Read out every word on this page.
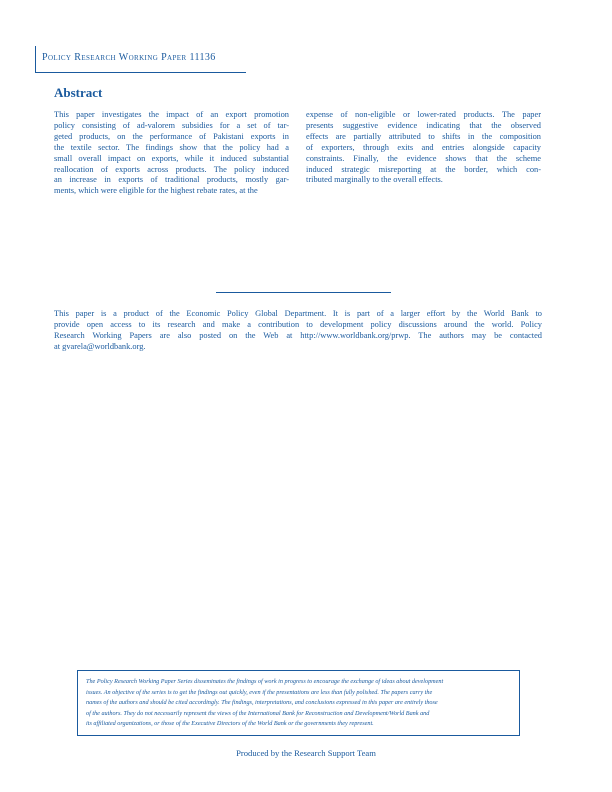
Policy Research Working Paper 11136
Abstract
This paper investigates the impact of an export promotion
policy consisting of ad-valorem subsidies for a set of tar-
geted products, on the performance of Pakistani exports in
the textile sector. The findings show that the policy had a
small overall impact on exports, while it induced substantial
reallocation of exports across products. The policy induced
an increase in exports of traditional products, mostly gar-
ments, which were eligible for the highest rebate rates, at the
expense of non-eligible or lower-rated products. The paper
presents suggestive evidence indicating that the observed
effects are partially attributed to shifts in the composition
of exporters, through exits and entries alongside capacity
constraints. Finally, the evidence shows that the scheme
induced strategic misreporting at the border, which con-
tributed marginally to the overall effects.
This paper is a product of the Economic Policy Global Department. It is part of a larger effort by the World Bank to
provide open access to its research and make a contribution to development policy discussions around the world. Policy
Research Working Papers are also posted on the Web at http://www.worldbank.org/prwp. The authors may be contacted
at gvarela@worldbank.org.
The Policy Research Working Paper Series disseminates the findings of work in progress to encourage the exchange of ideas about development
issues. An objective of the series is to get the findings out quickly, even if the presentations are less than fully polished. The papers carry the
names of the authors and should be cited accordingly. The findings, interpretations, and conclusions expressed in this paper are entirely those
of the authors. They do not necessarily represent the views of the International Bank for Reconstruction and Development/World Bank and
its affiliated organizations, or those of the Executive Directors of the World Bank or the governments they represent.
Produced by the Research Support Team
